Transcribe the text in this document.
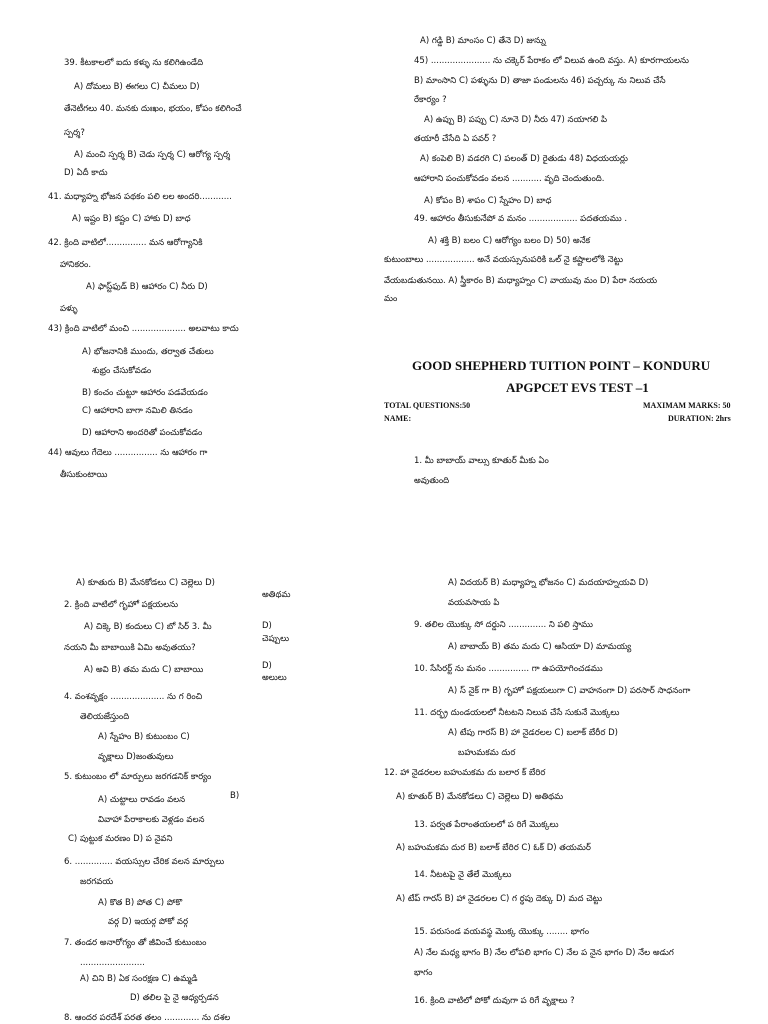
GOOD SHEPHERD TUITION POINT – KONDURU
APGPCET EVS TEST –1
TOTAL QUESTIONS:50	MAXIMAM MARKS: 50
NAME:	DURATION: 2hrs
1. మీ బాబాయ్ వాల్సు కూతుర్ మీకు ఏం
అవుతుంది
39. కీటకాలలో ఐదు కళ్ళు ను కలిగిఉండేది
A) దోమలు B) ఈగలు C) చీమలు D)
తేనెటీగలు 40. మనకు దుఃఖం, భయం, కోపం కలిగించే
స్పర్శ?
A) మంచి స్పర్శ B) చెడు స్పర్శ C) ఆరోగ్య స్పర్శ
D) ఏదీ కాదు
41. మధ్యాహ్న భోజన పథకం పలి లల అందరి............
A) ఇష్టం B) కష్టం C) హాకు D) బాధ
42. క్రింది వాటిలో............... మన ఆరోగ్యానికి
హానికరం.
A) ఫాస్ట్‌ఫుడ్ B) ఆహారం C) నీరు D)
పళ్ళు
43) క్రింది వాటిలో మంచి .................... అలవాటు కాదు
A) భోజనానికి ముందు, తర్వాత చేతులు
శుభ్రం చేసుకోవడం
B) కంచం చుట్టూ ఆహారం పడవేయడం
C) ఆహారాని బాగా నమిలి తినడం
D) ఆహారాని అందరితో పంచుకోవడం
44) ఆవులు గేదెలు ................ ను ఆహారం గా
తీసుకుంటాయి
A) గడ్డి B) మాంసం C) తేనె D) జున్ను
45) ...................... ను చక్కెర్ పేరాకం లో విలువ ఉంది వస్తు. A) కూరగాయలను
B) మాంసాని C) పళ్ళును D) తాజా పండులను 46) పచ్చర్కు ను నిలువ చేసే
రేకార్యం ?
A) ఉప్పు B) పప్పు C) నూనె D) నీరు 47) నయాగలి పి
తయారీ చేసేది ఏ పవర్ ?
A) కంపెలి B) వడరగి C) పలంత్ D) రైతుడు 48) విధయయర్లు
ఆహారాని పంచుకోవడం వలన ........... వృది చెందుతుంది.
A) కోపం B) శాపం C) స్నేహం D) బాధ
49. ఆహారం తీసుకునేపో వ మనం .................. పదతయము .
A) శక్తి B) బలం C) ఆరోగ్యం బలం D) 50) అనేక
కుటుంబాలు .................. అనే వయస్సునుపరికి ఒల్ నై కష్టాలలోకి నెట్టు
వేయబడుతునయి. A) స్త్రీకారం B) మధ్యాహ్నం C) వాయువు మం D) పేరా నయయ
మం
A) కూతురు B) మేనకోడలు C) చెల్లెలు D)
అతిథమ
2. క్రింది వాటిలో గృహో పక్షయలను
A) చిక్కె B) కందులు C) బో సిర్ 3. మీ
నయని మీ బాబాయికి ఏమి అవుతయు?
D)
చెప్పులు
A) అవి B) తమ మదు C) బాబాయి	D)
అలులు
4. వంశవృక్షం .................... ను గ రించి
తెలియజేస్తుంది
A) స్నేహం B) కుటుంబం C)
వృక్షాలు D)జంతువులు
5. కుటుంబం లో మార్పులు జరగడనిక్ కార్యం
A) చుట్టాలు రావడం వలన	B)
వివాహా పేరాకాలకు వెళ్లడం వలన
C) పుట్టుక మరణం D) ప నైవని
6. .............. వయస్సుల చేరిక వలన మార్పులు
జరగవయ
A) కొత B) పోత C) పోకొ
వర్గ D) ఇయర్గ పోకో వర్గ
7. తండర అనారోగ్యం తో జీవించే కుటుంబం
........................
A) చిని B) ఏక సంరక్షణ C) ఉమ్మడి
D) తలిల పై నై ఆధ్యర్పడన
8. ఆందర పరదేశ్ పరత తలం ............. ను దశల
A) విదయర్ B) మధ్యాహ్న భోజనం C) మదయాహ్నయవి D)
వయవసాయ పి
9. తలిల యొక్కు సో దర్డుని .............. ని పలి స్తాము
A) బాబాయ్ B) తమ మదు C) ఆసియా D) మామయ్య
10. సేసిరర్ట్ ను మనం ............... గా ఉపయోగించడము
A) స్ నైక్ గా B) గృహో పక్షయలుగా C) వాహనంగా D) పరసార్ సాధనంగా
11. దర్భ్ర దుండయలలో నీటటని నిలువ చేసే సుకునే మొక్కలు
A) టేపు గారస్ B) హా నైడరలల C) బలాక్ బేరీర D)
బహుమకమ దుర
12. హా నైడరలల బహుమకమ దు బలార క్ బేరిర
A) కూతుర్ B) మేనకోడలు C) చెల్లెలు D) అతిథమ
13. పర్వత పేరాంతయలలో ప రిగే మొక్కలు
A) బహుమకమ దుర B) బలాక్ బేరిర C) ఓక్ D) తయమర్
14. నీటటపై నై తేలే మొక్కలు
A) టేప్ గారస్ B) హా నైడరలల C) గ ర్ధపు దెక్కు D) మద చెట్టు
15. పరుసండ వయవస్థ మొక్క యొక్కు ........ భాగం
A) నేల మధ్య భాగం B) నేల లోపలి భాగం C) నేల ప నైన భాగం D) నేల అడుగ
భాగం
16. క్రింది వాటిలో పోకో దువుగా ప రిగే వృక్షాలు ?
